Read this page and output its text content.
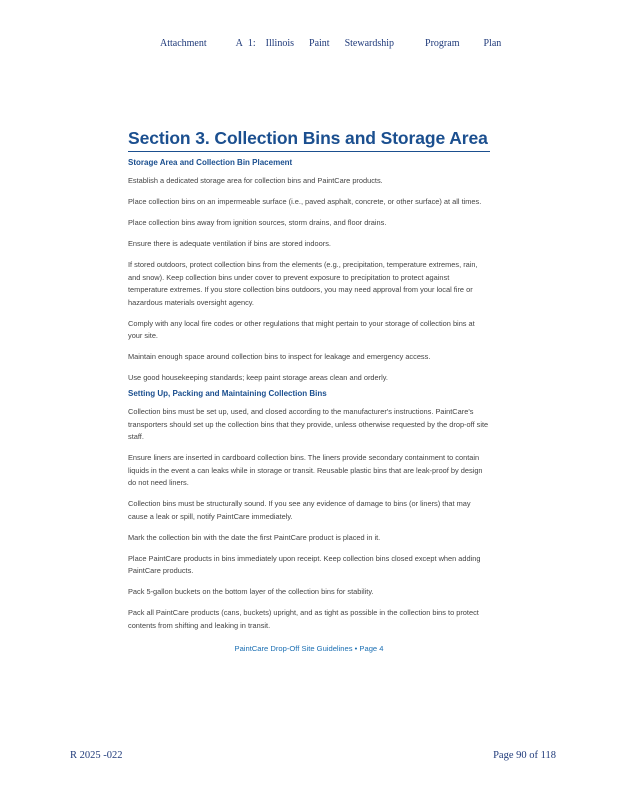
Attachment	A 1: Illinois Paint Stewardship	Program Plan
Section 3. Collection Bins and Storage Area
Storage Area and Collection Bin Placement

Establish a dedicated storage area for collection bins and PaintCare products.

Place collection bins on an impermeable surface (i.e., paved asphalt, concrete, or other surface) at all times.

Place collection bins away from ignition sources, storm drains, and floor drains.

Ensure there is adequate ventilation if bins are stored indoors.

If stored outdoors, protect collection bins from the elements (e.g., precipitation, temperature extremes, rain, and snow). Keep collection bins under cover to prevent exposure to precipitation to protect against temperature extremes. If you store collection bins outdoors, you may need approval from your local fire or hazardous materials oversight agency.

Comply with any local fire codes or other regulations that might pertain to your storage of collection bins at your site.

Maintain enough space around collection bins to inspect for leakage and emergency access.

Use good housekeeping standards; keep paint storage areas clean and orderly.

Setting Up, Packing and Maintaining Collection Bins

Collection bins must be set up, used, and closed according to the manufacturer's instructions. PaintCare's transporters should set up the collection bins that they provide, unless otherwise requested by the drop-off site staff.

Ensure liners are inserted in cardboard collection bins. The liners provide secondary containment to contain liquids in the event a can leaks while in storage or transit. Reusable plastic bins that are leak-proof by design do not need liners.

Collection bins must be structurally sound. If you see any evidence of damage to bins (or liners) that may cause a leak or spill, notify PaintCare immediately.

Mark the collection bin with the date the first PaintCare product is placed in it.

Place PaintCare products in bins immediately upon receipt. Keep collection bins closed except when adding PaintCare products.

Pack 5-gallon buckets on the bottom layer of the collection bins for stability.

Pack all PaintCare products (cans, buckets) upright, and as tight as possible in the collection bins to protect contents from shifting and leaking in transit.

PaintCare Drop-Off Site Guidelines • Page 4
R 2025 -022	Page 90 of 118
